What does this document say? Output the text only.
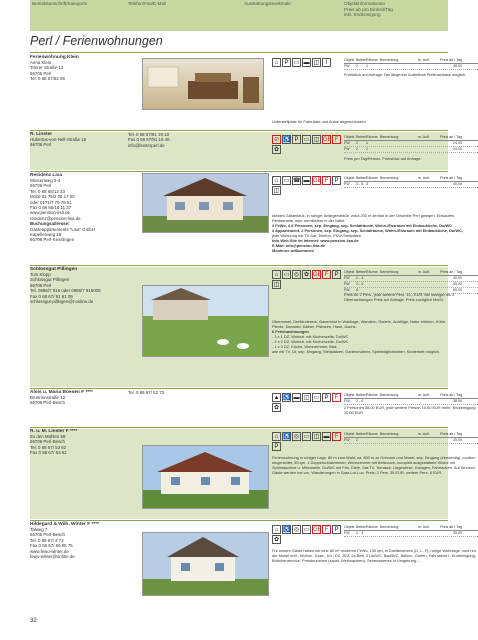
Betriebsanschrift/Kategorie	Telefon/Fax/E-Mail	Ausstattungsmerkmale	Objektinformationen
Preis ab pro Einheit/Tag
inkl. Endreinigung
Perl / Ferienwohnungen
Ferienwohnung Klein
Anna Klein
Trierer Straße 13
66706 Perl
Tel. 0 68 67/52 05
⌂	P ▭ ▬ ◫ ⌇	Objekt Betten Räume Bemerkung	m. Aufl.	Preis ab / Tag
FW	2	1	38,00
Frühstück auf Anfrage. Bei längerem Aufenthalt Preisnachlass möglich.
Unterstellplatz für Fahrräder und Autos abgeschlossen
R. Linster
Hubertus-von-Nell-Straße 19
66706 Perl
Tel. 0 68 67/91 19 10
Fax 0 68 67/91 19 40
info@linsterperl.de
⊘ ♿ P ▭ ◫ GB F
✿
Objekt Betten Räume Bemerkung	m. Aufl.	Preis ab / Tag
FW	2	1	24,00
FW	2	1	24,00
Preis pro Tag/Person. Frühstück auf Anfrage.
Residenz Lisa
Wiesenweg 3-4
66706 Perl
Tel. 0 68 65/12 33
Mobil 01 75/2 08 17 00
oder 0171/7 79 79 51
Fax 0 68 65/18 11 37
www.pension-lisa.de
residenz@pension-lisa.de
Buchungsadresse:
Gästeappartements "Lisa" GmbH
Kapellenweg 15
66706 Perl-Kesslingen
⌂ ▭ ☎ ▬ GB F	P
◫
Objekt Betten Räume Bemerkung	m. Aufl.	Preis ab / Tag
FW	4 - 6 3	40,00
Ideales Gästehaus, in ruhiger Anliegerstraße, zirka 200 m zentral in der Ortsmitte Perl gelegen. Einkaufen,
Restaurants, usw. unmittelbar in der Nähe.
3 FeWo, 4-6 Personen, sep. Eingang, sep. Schlafräume, Wohn-/Essraum mit Einbauküche, Du/WC
2 Appartement, 2 Personen, sep. Eingang, sep. Schlafräume, Wohn-/Essraum mit Einbauküche, Du/WC,
jede Wohnung mit TV-Sat, Telefon, PKW-Stellplätze.
Info-Web-Site im Internet: www.pension-lisa.de
E-Mail: info@pension-lisa.de
Monteure willkommen!
Schlossgut Pillingen
Tom Klopp
Schlossgut Pillingen
66706 Perl
Tel. 0686/7 916 oder 0686/7 916005
Fax 0 68 67/ 91 61 09
schlossgut-pillingen@t-online.de
⌂ ▭ ◎ ✿ GB F	P
◫
Objekt Betten Räume Bemerkung	m. Aufl.	Preis ab / Tag
FW	2 - 4	40,00
FW	2 - 4	65,00
FW	4	80,00
Preis für 2 Pers., jede weitere Pers. 10,- EUR. Bei weniger als 3 Übernachtungen Preis auf Anfrage. Preis zuzüglich MwSt.
Obermosel, Dreiländereck, Bauernhof in Waldlage, Wandern, Radeln, Ausflüge, Natur erleben, Kühe,
Pferde, Damwild, Kälber, Pflanzen, Hase, Dachs.
6 Ferienwohnungen
- 3 x 1 DZ, Wohnzi. mit Küchenzeile, Du/WC
- 2 x 2 DZ, Wohnzi. mit Küchenzeile, Du/WC
- 1 x 3 DZ, Küche, Wohnzimmer, Bad;
alle mit TV, Dt, sep. Eingang, Stellplätzen, Gartenmöbeln, Spielmöglichkeiten, Kinderbett möglich.
Alois u. Maria Boesen F ****
Brunnenstraße 12
66706 Perl-Besch
Tel. 0 68 67/ 52 73
▲ ♿ ▬ ◫ ▭ P	F
✿
Objekt Betten Räume Bemerkung	m. Aufl.	Preis ab / Tag
FW	2 - 4	38,00
2 Personen 38,00 EUR, jede weitere Person 10,00 EUR mehr, Endreinigung 20,00 EUR
R. u. M. Linster F ****
Zu den Mühlen 68
66706 Perl-Besch
Tel. 0 68 67/ 53 62
Fax 0 68 67/ 53 62
⌂ ♿ ◎ ▭ ◫ ▬ F
P
Objekt Betten Räume Bemerkung	m. Aufl.	Preis ab / Tag
FW	2	35,00
Ferienwohnung in ruhiger Lage, 80 m zum Wald, ca. 800 m zu Grenzen und Mosel, sep. Eingang (ebenerdig), modern eingerichtet, 50 qm, 1 Doppelschlafzimmer, Wohnzimmer mit Bettcouch, komplett ausgestattete Küche mit Spülmaschine u. Mikrowelle, Du/WC mit Fön, Diele, Sat-TV, Terrasse, Liegewiese, Garagen, Fahrradverl. Auf Wunsch Gäste werden bei vor- Wanderungen in Saar-Lor-Lux. Preis: 2 Pers. 35 EUR, weitere Pers. 8 EUR.
Hildegard & Wilh. Winter F ****
Talweg 7
66706 Perl-Besch
Tel. 0 68 67/ 3 72
Fax 0 68 67/ 66 05 75
www.fewo-winter.de
fewo-winter@online.de
⌂ ♿ ◎ ▭ GB F	P
✿
Objekt Betten Räume Bemerkung	m. Aufl.	Preis ab / Tag
FW	2 - 3	35,00
Für unsere Gäste haben wir eine 80 m² moderne FeWo, 130 qm, in Dreiländereck (D, L, F), ruhige Wohnlage, vom nur der Mosel entf., Wohnz., Essz., Kü., DZ, 2EZ, 2x-Bett, 2 Du/WC, Bad/WC, Balkon, Garten, Fahrradverl., Endreinigung, Brötchenservice, Preisbrunchen (saust. Weihnachten). Sehenswertes in Umgebung: ...
32
